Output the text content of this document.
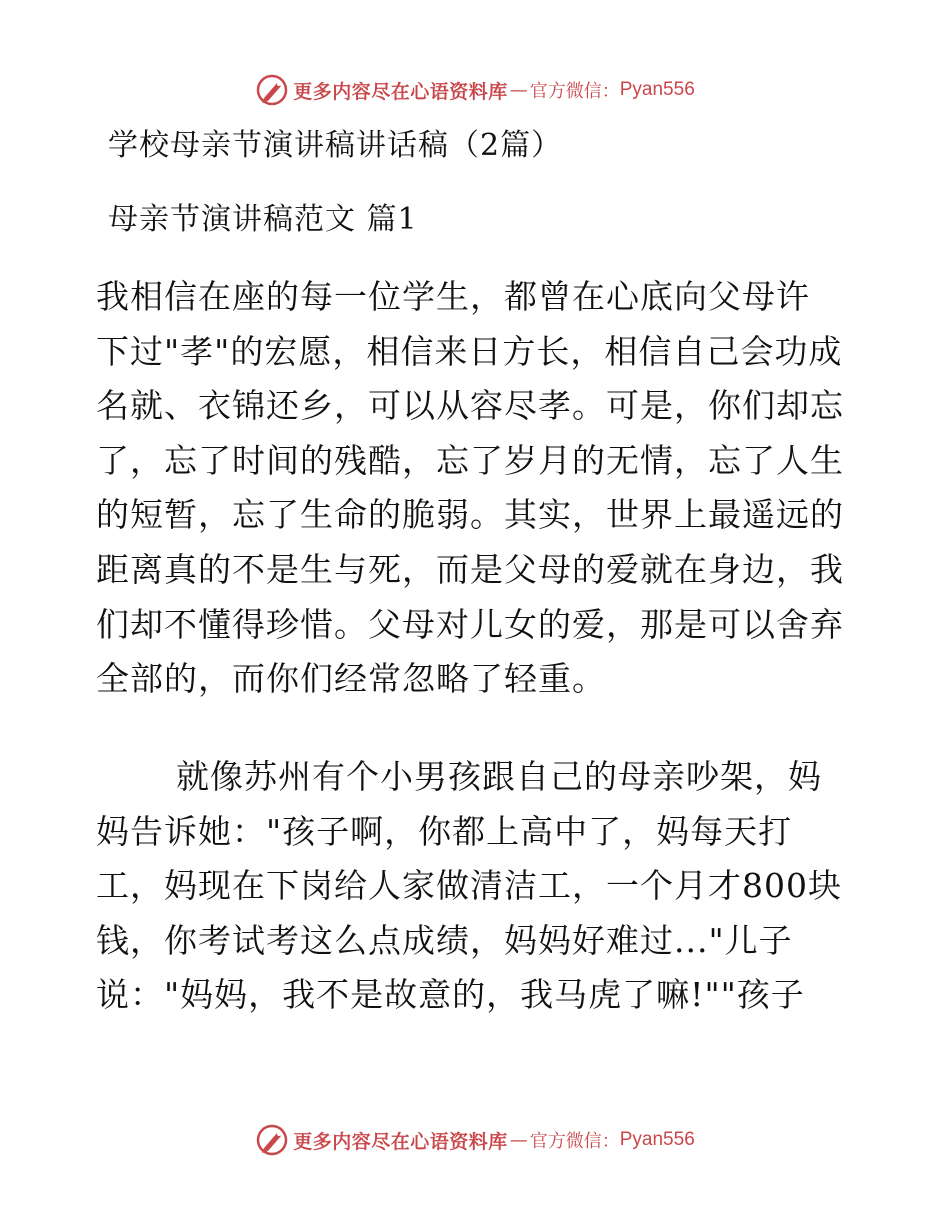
更多内容尽在心语资料库 — 官方微信： Pyan556
学校母亲节演讲稿讲话稿（2篇）
母亲节演讲稿范文 篇1
我相信在座的每一位学生，都曾在心底向父母许
下过"孝"的宏愿，相信来日方长，相信自己会功成
名就、衣锦还乡，可以从容尽孝。可是，你们却忘
了，忘了时间的残酷，忘了岁月的无情，忘了人生
的短暂，忘了生命的脆弱。其实，世界上最遥远的
距离真的不是生与死，而是父母的爱就在身边，我
们却不懂得珍惜。父母对儿女的爱，那是可以舍弃
全部的，而你们经常忽略了轻重。
就像苏州有个小男孩跟自己的母亲吵架，妈
妈告诉她："孩子啊，你都上高中了，妈每天打
工，妈现在下岗给人家做清洁工，一个月才800块
钱，你考试考这么点成绩，妈妈好难过..."儿子
说："妈妈，我不是故意的，我马虎了嘛!""孩子
更多内容尽在心语资料库 — 官方微信： Pyan556
